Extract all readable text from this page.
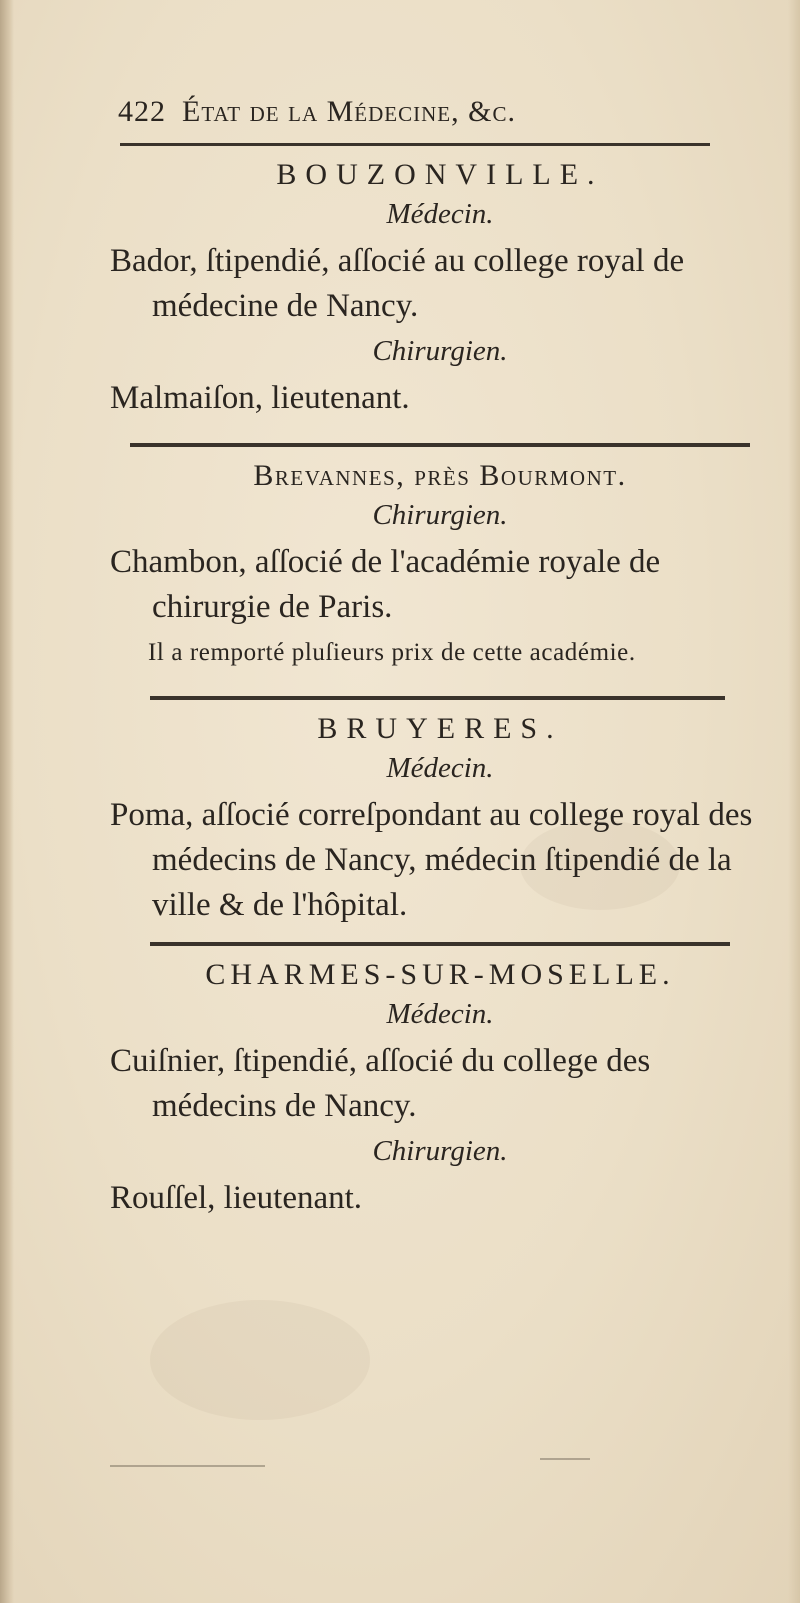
422 État de la Médecine, &c.
BOUZONVILLE.
Médecin.

Bador, ſtipendié, aſſocié au college royal de médecine de Nancy.

Chirurgien.

Malmaiſon, lieutenant.

Brevannes, près Bourmont.
Chirurgien.

Chambon, aſſocié de l'académie royale de chirurgie de Paris.

Il a remporté pluſieurs prix de cette académie.

BRUYERES.
Médecin.

Poma, aſſocié correſpondant au college royal des médecins de Nancy, médecin ſtipendié de la ville & de l'hôpital.

CHARMES-SUR-MOSELLE.
Médecin.

Cuiſnier, ſtipendié, aſſocié du college des médecins de Nancy.

Chirurgien.

Rouſſel, lieutenant.
